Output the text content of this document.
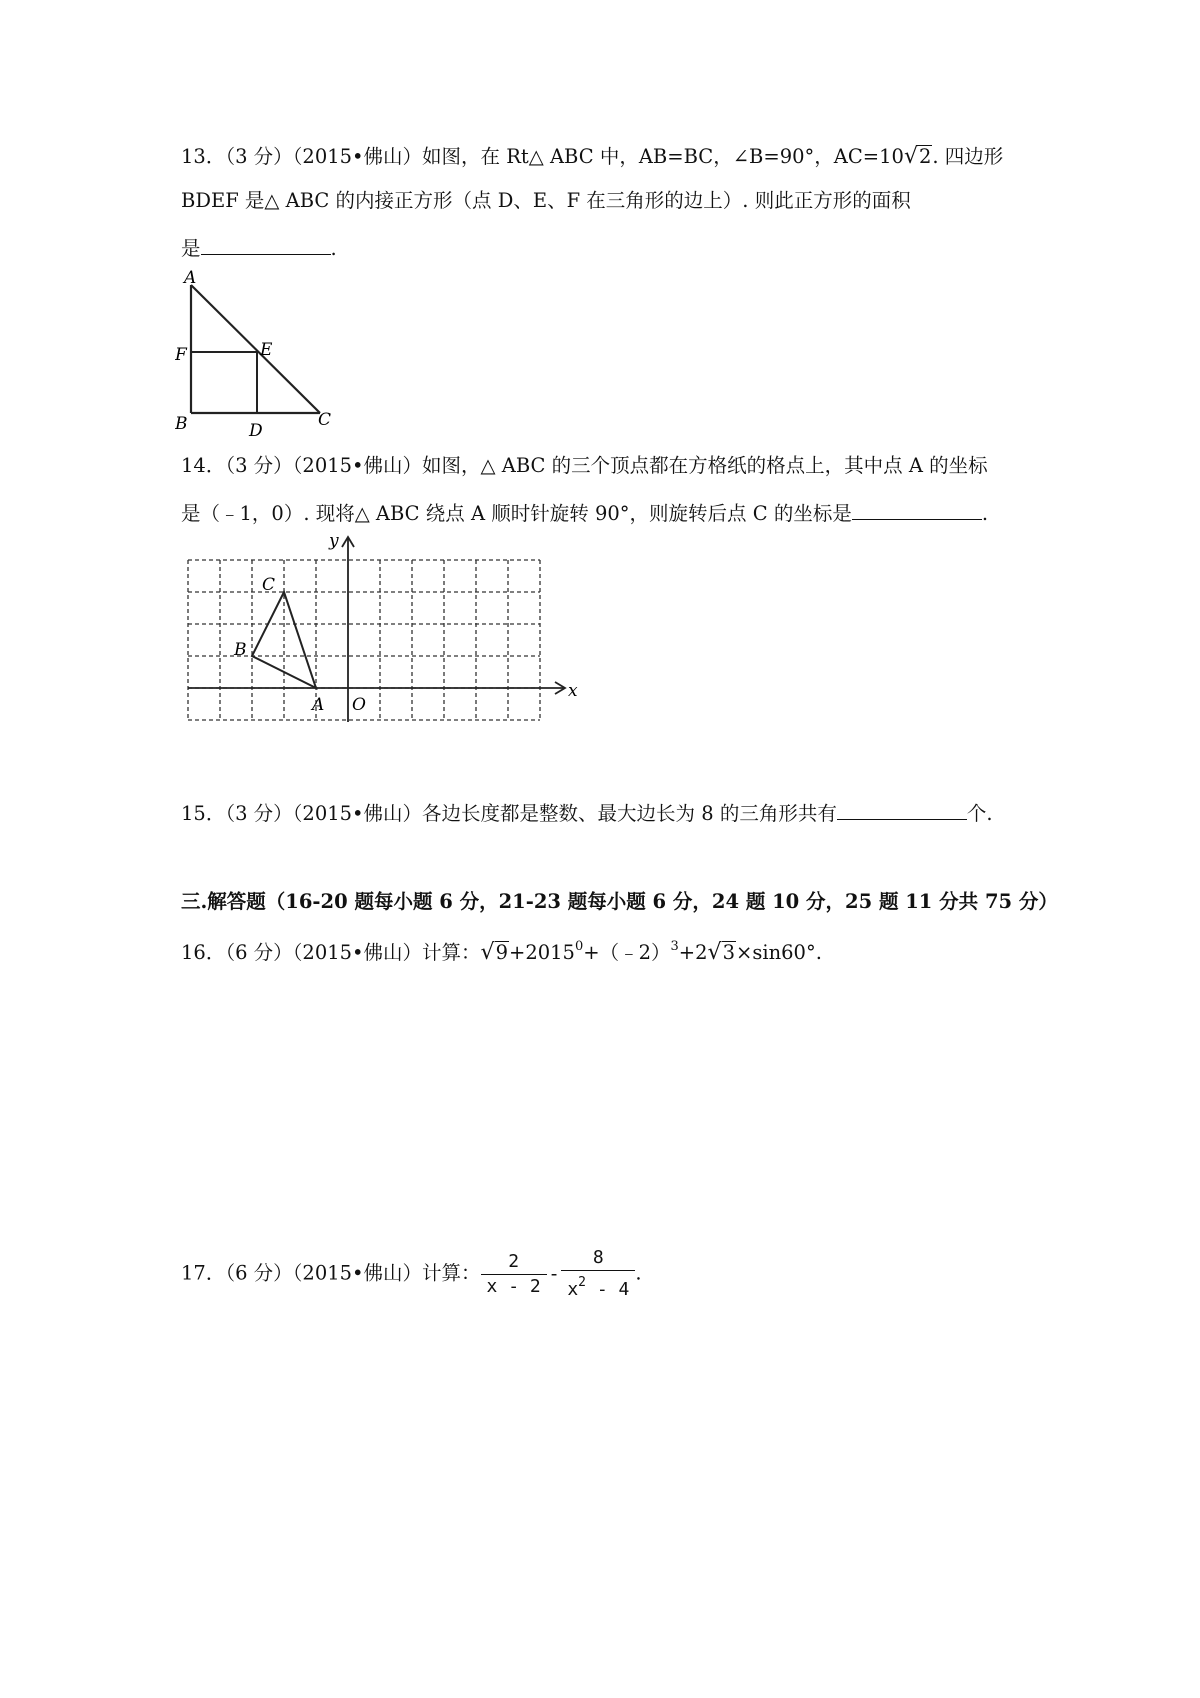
13．（3 分）（2015•佛山）如图，在 Rt△ ABC 中，AB=BC，∠B=90°，AC=10√2. 四边形
BDEF 是△ ABC 的内接正方形（点 D、E、F 在三角形的边上）. 则此正方形的面积
是	.
A
F	E
B	D
C
14．（3 分）（2015•佛山）如图，△ ABC 的三个顶点都在方格纸的格点上，其中点 A 的坐标
是（﹣1，0）. 现将△ ABC 绕点 A 顺时针旋转 90°，则旋转后点 C 的坐标是	.
y
x
O
A
B
C
15．（3 分）（2015•佛山）各边长度都是整数、最大边长为 8 的三角形共有	个.
三.解答题（16-20 题每小题 6 分，21-23 题每小题 6 分，24 题 10 分，25 题 11 分共 75 分）
16．（6 分）（2015•佛山）计算：$√9+2015^0+(﹣2)^3+2√3\times\sin 60^\circ$.
17．（6 分）（2015•佛山）计算： $\frac{2}{x - 2} - \frac{8}{x^2 - 4}$ .
